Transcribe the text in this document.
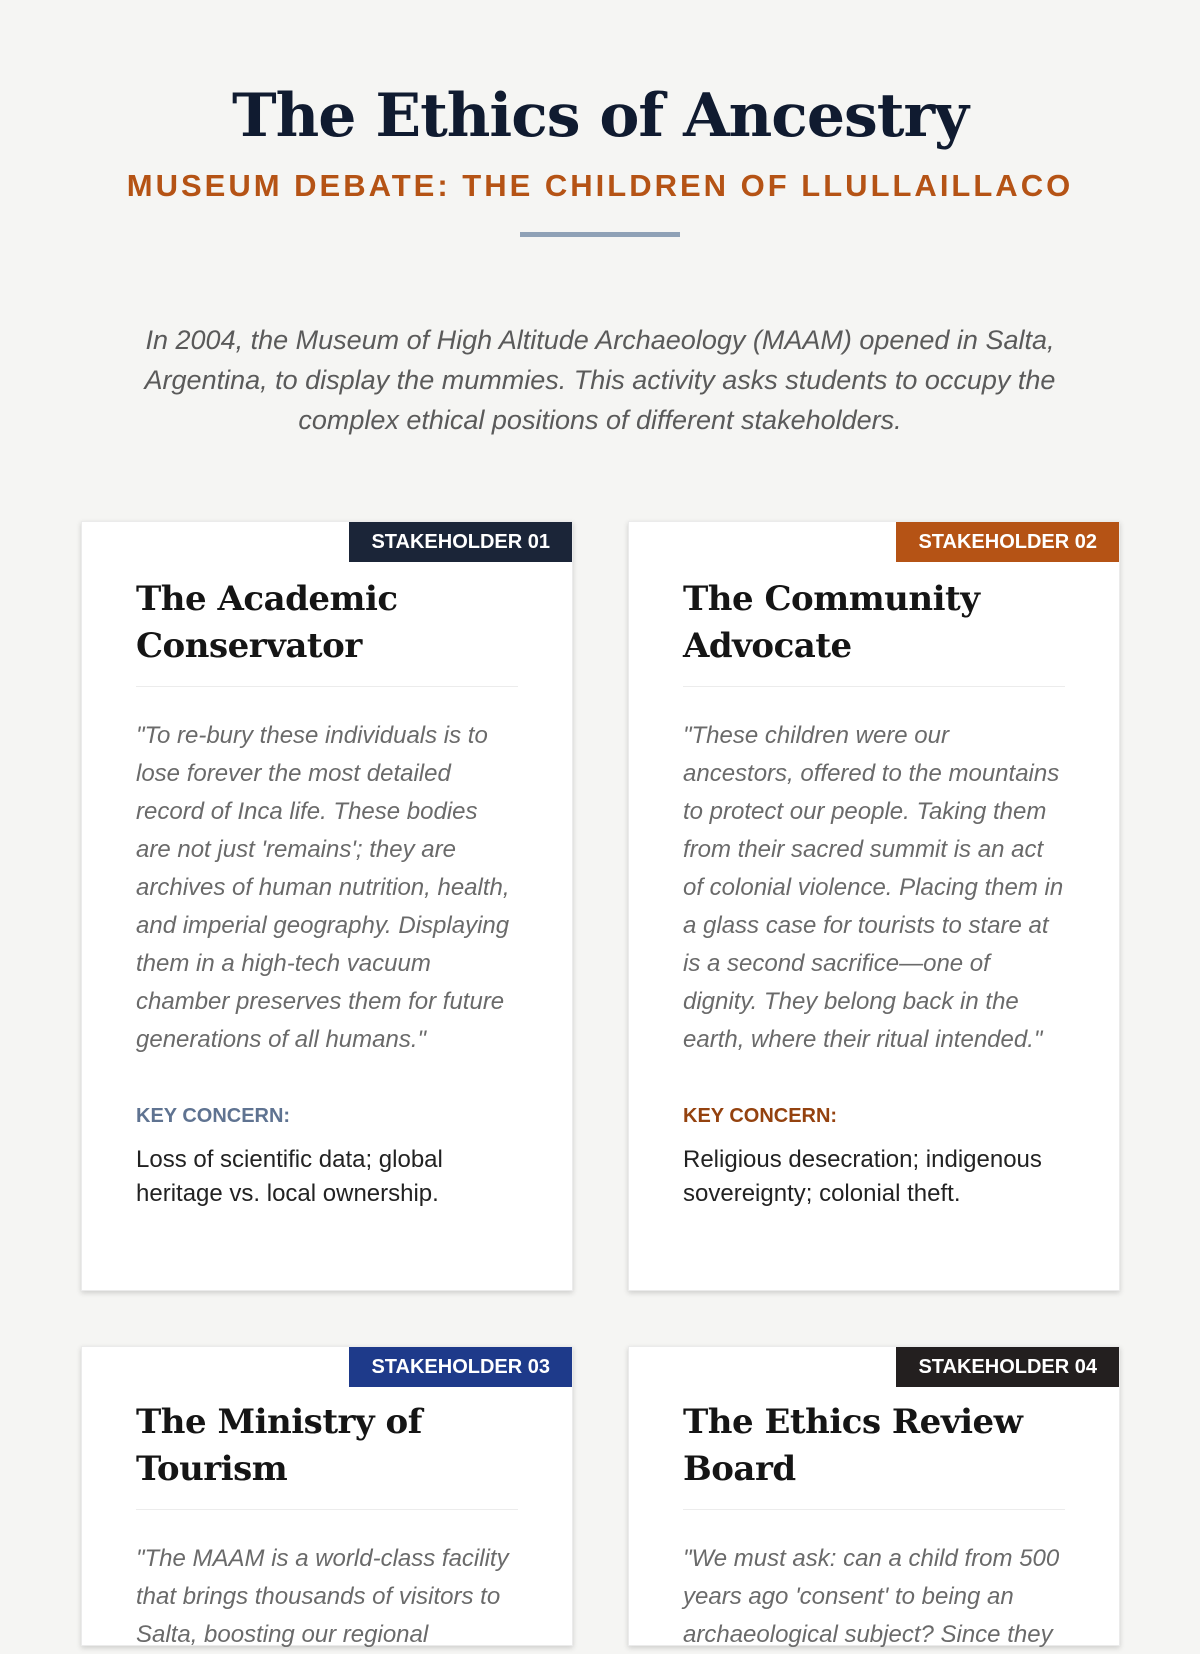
The Ethics of Ancestry
MUSEUM DEBATE: THE CHILDREN OF LLULLAILLACO

In 2004, the Museum of High Altitude Archaeology (MAAM) opened in Salta, Argentina, to display the mummies. This activity asks students to occupy the complex ethical positions of different stakeholders.

STAKEHOLDER 01
The Academic Conservator

"To re-bury these individuals is to lose forever the most detailed record of Inca life. These bodies are not just 'remains'; they are archives of human nutrition, health, and imperial geography. Displaying them in a high-tech vacuum chamber preserves them for future generations of all humans."

KEY CONCERN:

Loss of scientific data; global heritage vs. local ownership.

STAKEHOLDER 02
The Community Advocate

"These children were our ancestors, offered to the mountains to protect our people. Taking them from their sacred summit is an act of colonial violence. Placing them in a glass case for tourists to stare at is a second sacrifice—one of dignity. They belong back in the earth, where their ritual intended."

KEY CONCERN:

Religious desecration; indigenous sovereignty; colonial theft.

STAKEHOLDER 03
The Ministry of Tourism

"The MAAM is a world-class facility that brings thousands of visitors to Salta, boosting our regional

STAKEHOLDER 04
The Ethics Review Board

"We must ask: can a child from 500 years ago 'consent' to being an archaeological subject? Since they
